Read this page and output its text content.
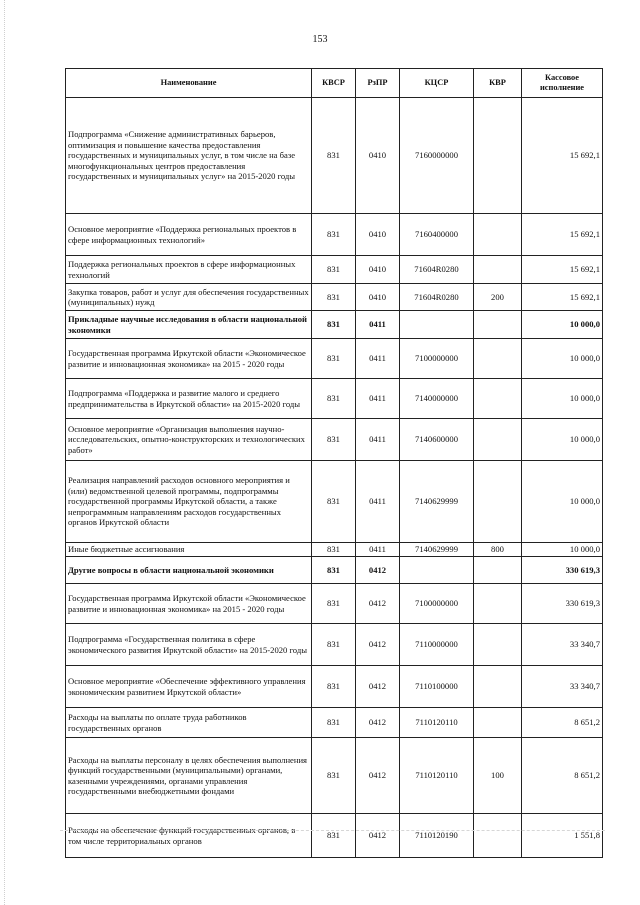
153
Наименование	КВСР	РзПР	КЦСР	КВР	Кассовое исполнение
Подпрограмма «Снижение административных барьеров, оптимизация и повышение качества предоставления государственных и муниципальных услуг, в том числе на базе многофункциональных центров предоставления государственных и муниципальных услуг» на 2015-2020 годы	831	0410	7160000000		15 692,1
Основное мероприятие «Поддержка региональных проектов в сфере информационных технологий»	831	0410	7160400000		15 692,1
Поддержка региональных проектов в сфере информационных технологий	831	0410	71604R0280		15 692,1
Закупка товаров, работ и услуг для обеспечения государственных (муниципальных) нужд	831	0410	71604R0280	200	15 692,1
Прикладные научные исследования в области национальной экономики	831	0411			10 000,0
Государственная программа Иркутской области «Экономическое развитие и инновационная экономика» на 2015 - 2020 годы	831	0411	7100000000		10 000,0
Подпрограмма «Поддержка и развитие малого и среднего предпринимательства в Иркутской области» на 2015-2020 годы	831	0411	7140000000		10 000,0
Основное мероприятие «Организация выполнения научно-исследовательских, опытно-конструкторских и технологических работ»	831	0411	7140600000		10 000,0
Реализация направлений расходов основного мероприятия и (или) ведомственной целевой программы, подпрограммы государственной программы Иркутской области, а также непрограммным направлениям расходов государственных органов Иркутской области	831	0411	7140629999		10 000,0
Иные бюджетные ассигнования	831	0411	7140629999	800	10 000,0
Другие вопросы в области национальной экономики	831	0412			330 619,3
Государственная программа Иркутской области «Экономическое развитие и инновационная экономика» на 2015 - 2020 годы	831	0412	7100000000		330 619,3
Подпрограмма «Государственная политика в сфере экономического развития Иркутской области» на 2015-2020 годы	831	0412	7110000000		33 340,7
Основное мероприятие «Обеспечение эффективного управления экономическим развитием Иркутской области»	831	0412	7110100000		33 340,7
Расходы на выплаты по оплате труда работников государственных органов	831	0412	7110120110		8 651,2
Расходы на выплаты персоналу в целях обеспечения выполнения функций государственными (муниципальными) органами, казенными учреждениями, органами управления государственными внебюджетными фондами	831	0412	7110120110	100	8 651,2
Расходы на обеспечение функций государственных органов, в том числе территориальных органов	831	0412	7110120190		1 551,8
